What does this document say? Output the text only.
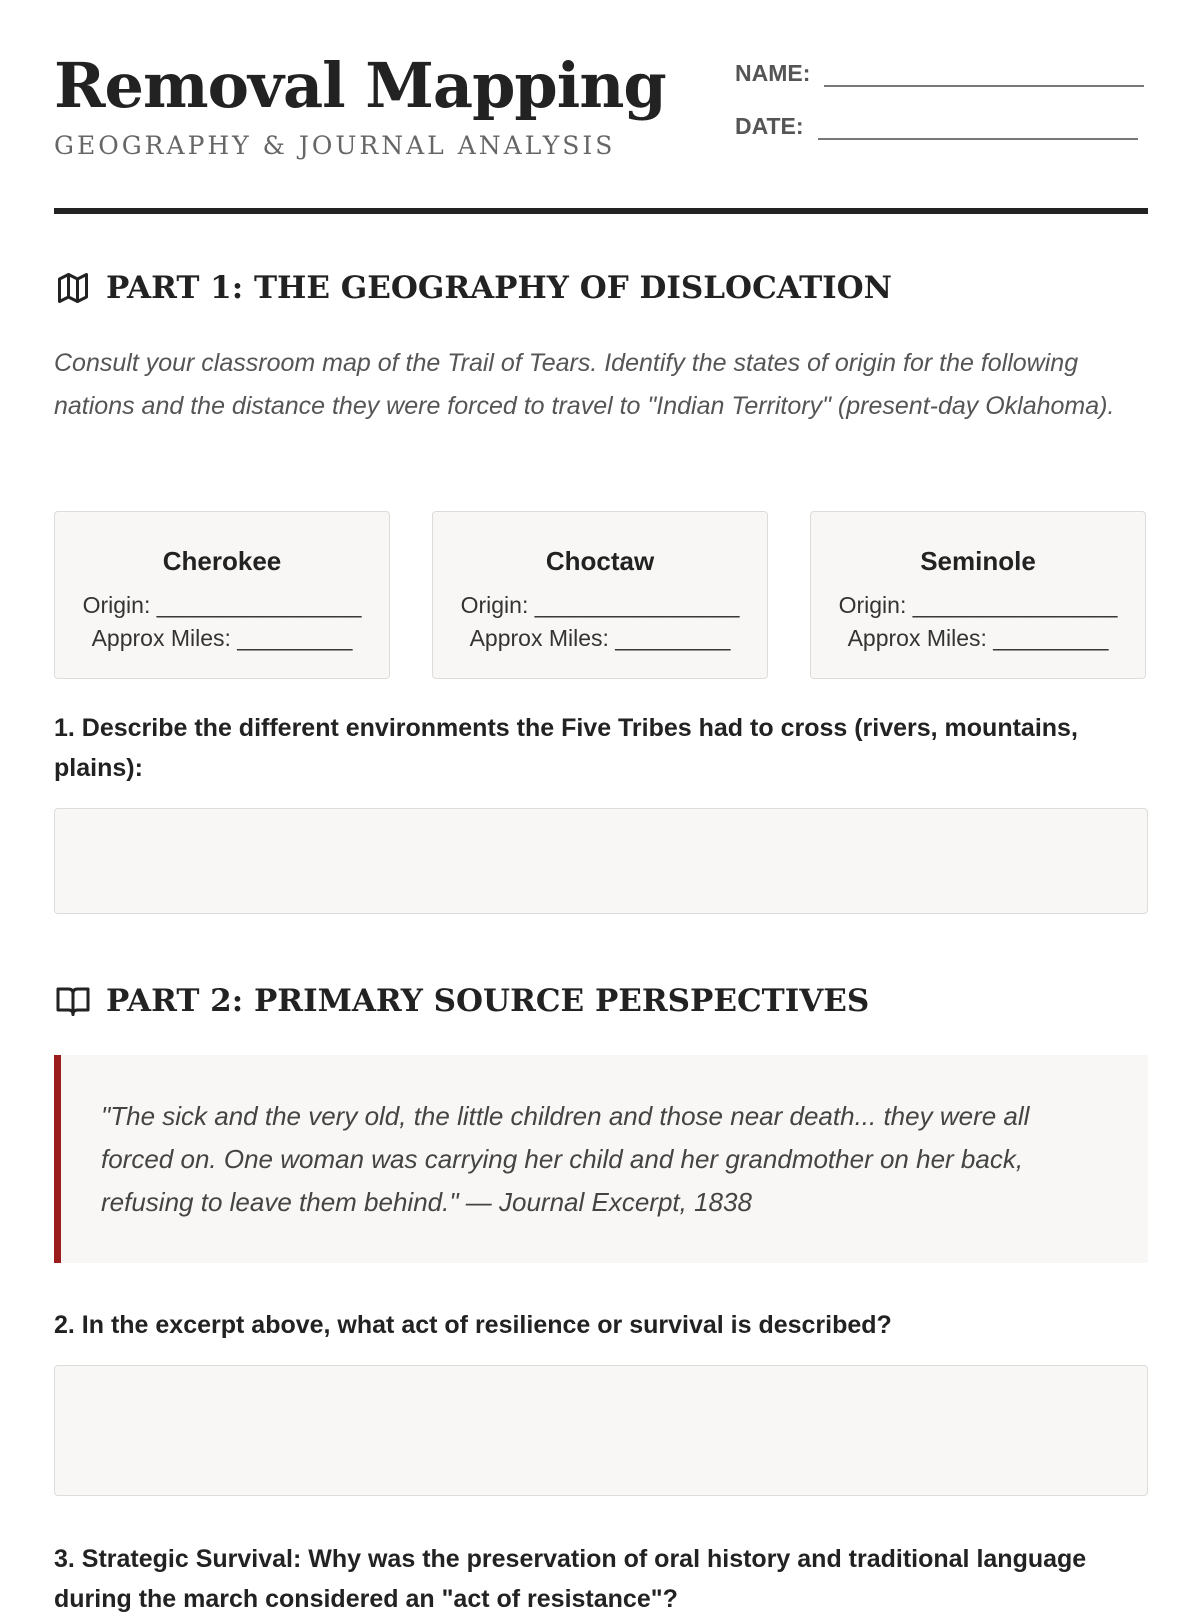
Removal Mapping
GEOGRAPHY & JOURNAL ANALYSIS
NAME:
DATE:
PART 1: THE GEOGRAPHY OF DISLOCATION

Consult your classroom map of the Trail of Tears. Identify the states of origin for the following nations and the distance they were forced to travel to "Indian Territory" (present-day Oklahoma).

Cherokee
Origin: ________________
Approx Miles: _________
Choctaw
Origin: ________________
Approx Miles: _________
Seminole
Origin: ________________
Approx Miles: _________

1. Describe the different environments the Five Tribes had to cross (rivers, mountains, plains):

PART 2: PRIMARY SOURCE PERSPECTIVES

"The sick and the very old, the little children and those near death... they were all forced on. One woman was carrying her child and her grandmother on her back, refusing to leave them behind." — Journal Excerpt, 1838

2. In the excerpt above, what act of resilience or survival is described?

3. Strategic Survival: Why was the preservation of oral history and traditional language during the march considered an "act of resistance"?
